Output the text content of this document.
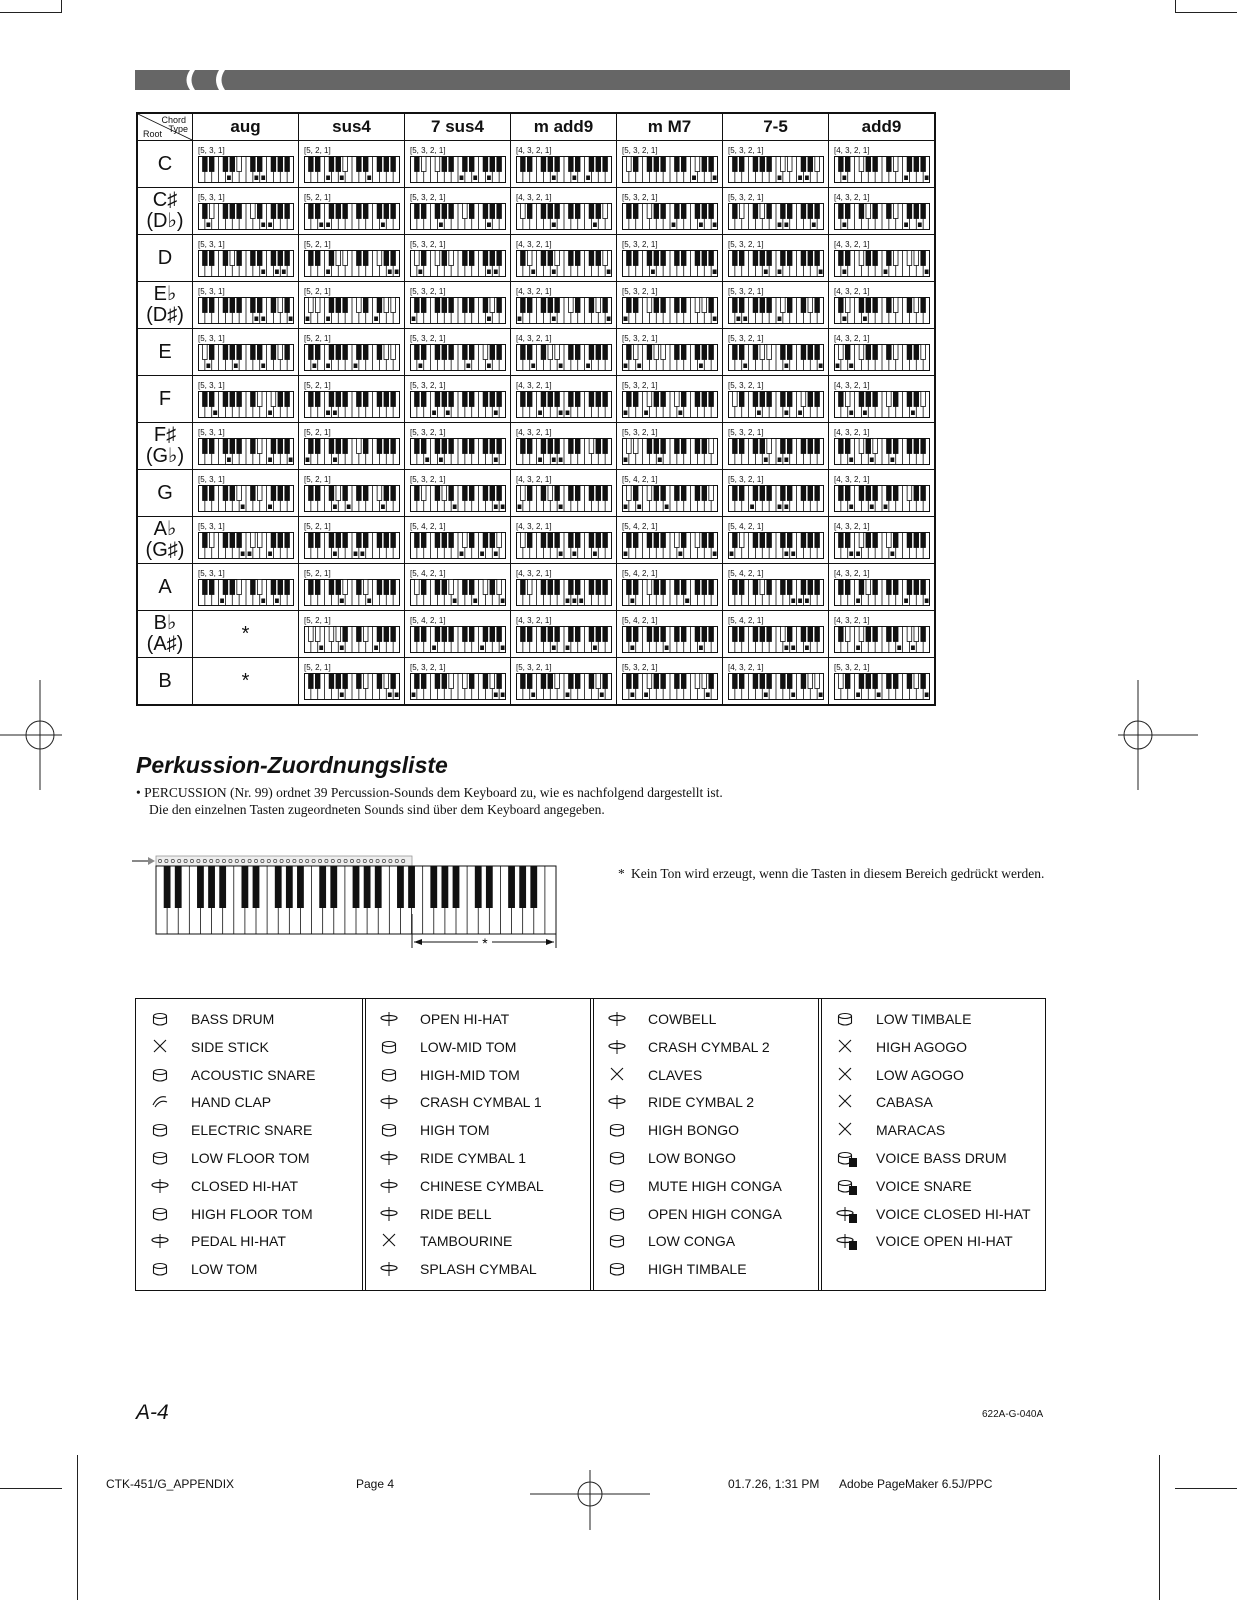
Chord
Type
Root	aug	sus4	7 sus4	m add9	m M7	7-5	add9

C	[5, 3, 1]	[5, 2, 1]	[5, 3, 2, 1]	[4, 3, 2, 1]	[5, 3, 2, 1]	[5, 3, 2, 1]	[4, 3, 2, 1]

C♯
(D♭)	[5, 3, 1]	[5, 2, 1]	[5, 3, 2, 1]	[4, 3, 2, 1]	[5, 3, 2, 1]	[5, 3, 2, 1]	[4, 3, 2, 1]

D	[5, 3, 1]	[5, 2, 1]	[5, 3, 2, 1]	[4, 3, 2, 1]	[5, 3, 2, 1]	[5, 3, 2, 1]	[4, 3, 2, 1]

E♭
(D♯)	[5, 3, 1]	[5, 2, 1]	[5, 3, 2, 1]	[4, 3, 2, 1]	[5, 3, 2, 1]	[5, 3, 2, 1]	[4, 3, 2, 1]

E	[5, 3, 1]	[5, 2, 1]	[5, 3, 2, 1]	[4, 3, 2, 1]	[5, 3, 2, 1]	[5, 3, 2, 1]	[4, 3, 2, 1]

F	[5, 3, 1]	[5, 2, 1]	[5, 3, 2, 1]	[4, 3, 2, 1]	[5, 3, 2, 1]	[5, 3, 2, 1]	[4, 3, 2, 1]

F♯
(G♭)	[5, 3, 1]	[5, 2, 1]	[5, 3, 2, 1]	[4, 3, 2, 1]	[5, 3, 2, 1]	[5, 3, 2, 1]	[4, 3, 2, 1]

G	[5, 3, 1]	[5, 2, 1]	[5, 3, 2, 1]	[4, 3, 2, 1]	[5, 4, 2, 1]	[5, 3, 2, 1]	[4, 3, 2, 1]

A♭
(G♯)	[5, 3, 1]	[5, 2, 1]	[5, 4, 2, 1]	[4, 3, 2, 1]	[5, 4, 2, 1]	[5, 4, 2, 1]	[4, 3, 2, 1]

A	[5, 3, 1]	[5, 2, 1]	[5, 4, 2, 1]	[4, 3, 2, 1]	[5, 4, 2, 1]	[5, 4, 2, 1]	[4, 3, 2, 1]

B♭
(A♯)	*	[5, 2, 1]	[5, 4, 2, 1]	[4, 3, 2, 1]	[5, 4, 2, 1]	[5, 4, 2, 1]	[4, 3, 2, 1]

B	*	[5, 2, 1]	[5, 3, 2, 1]	[5, 3, 2, 1]	[5, 3, 2, 1]	[4, 3, 2, 1]	[5, 3, 2, 1]
Perkussion-Zuordnungsliste
• PERCUSSION (Nr. 99) ordnet 39 Percussion-Sounds dem Keyboard zu, wie es nachfolgend dargestellt ist.
Die den einzelnen Tasten zugeordneten Sounds sind über dem Keyboard angegeben.
*
* Kein Ton wird erzeugt, wenn die Tasten in diesem Bereich gedrückt werden.
BASS DRUM
SIDE STICK
ACOUSTIC SNARE
HAND CLAP
ELECTRIC SNARE
LOW FLOOR TOM
CLOSED HI-HAT
HIGH FLOOR TOM
PEDAL HI-HAT
LOW TOM
OPEN HI-HAT
LOW-MID TOM
HIGH-MID TOM
CRASH CYMBAL 1
HIGH TOM
RIDE CYMBAL 1
CHINESE CYMBAL
RIDE BELL
TAMBOURINE
SPLASH CYMBAL
COWBELL
CRASH CYMBAL 2
CLAVES
RIDE CYMBAL 2
HIGH BONGO
LOW BONGO
MUTE HIGH CONGA
OPEN HIGH CONGA
LOW CONGA
HIGH TIMBALE
LOW TIMBALE
HIGH AGOGO
LOW AGOGO
CABASA
MARACAS
VOICE BASS DRUM
VOICE SNARE
VOICE CLOSED HI-HAT
VOICE OPEN HI-HAT
A-4	622A-G-040A
CTK-451/G_APPENDIX	Page 4	01.7.26, 1:31 PM Adobe PageMaker 6.5J/PPC
